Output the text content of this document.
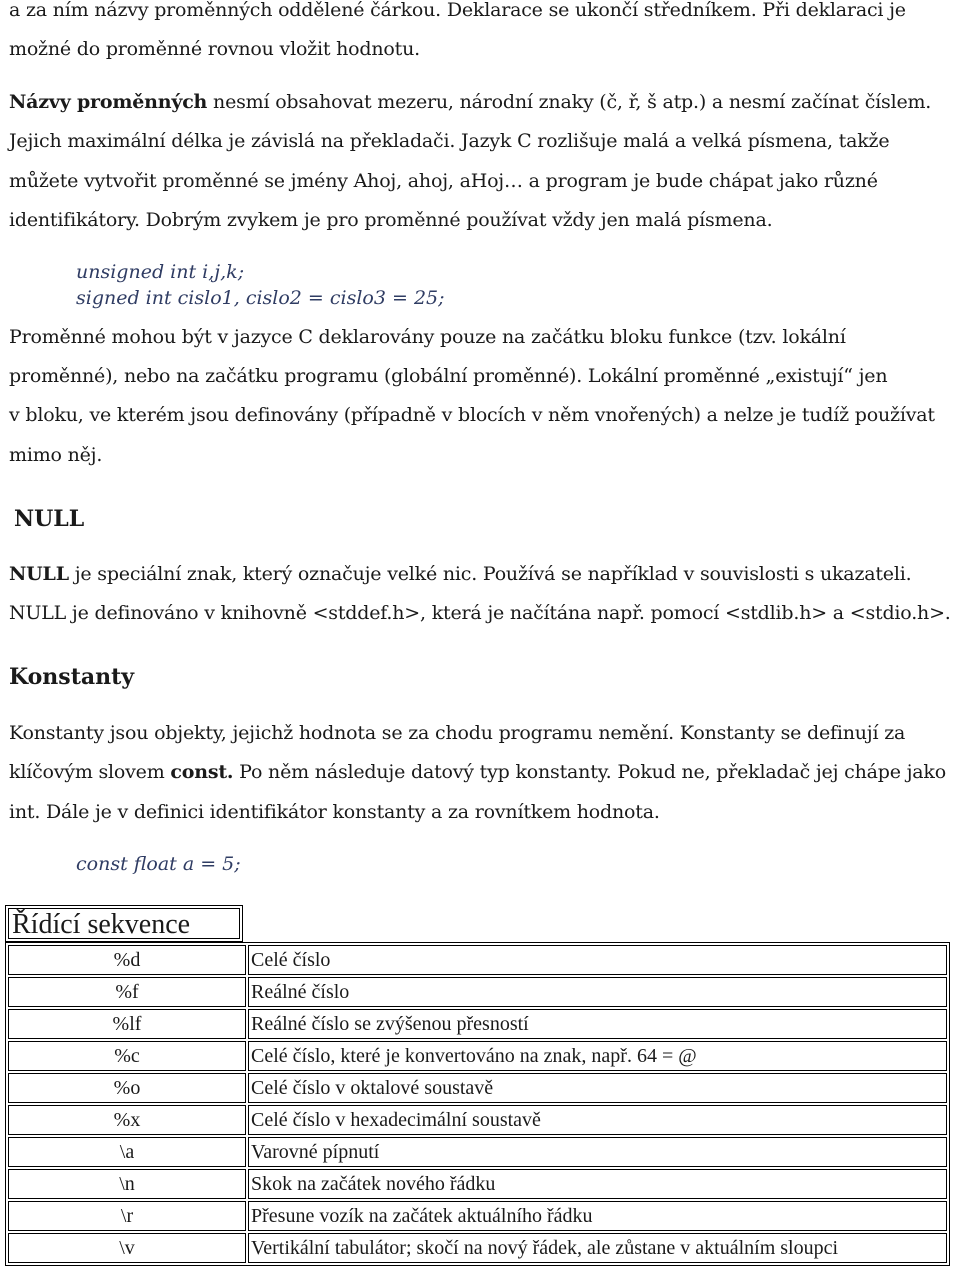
a za ním názvy proměnných oddělené čárkou. Deklarace se ukončí středníkem. Při deklaraci je

možné do proměnné rovnou vložit hodnotu.

Názvy proměnných nesmí obsahovat mezeru, národní znaky (č, ř, š atp.) a nesmí začínat číslem.

Jejich maximální délka je závislá na překladači. Jazyk C rozlišuje malá a velká písmena, takže

můžete vytvořit proměnné se jmény Ahoj, ahoj, aHoj… a program je bude chápat jako různé

identifikátory. Dobrým zvykem je pro proměnné používat vždy jen malá písmena.

unsigned int i,j,k;

signed int cislo1, cislo2 = cislo3 = 25;

Proměnné mohou být v jazyce C deklarovány pouze na začátku bloku funkce (tzv. lokální

proměnné), nebo na začátku programu (globální proměnné). Lokální proměnné „existují“ jen

v bloku, ve kterém jsou definovány (případně v blocích v něm vnořených) a nelze je tudíž používat

mimo něj.

NULL

NULL je speciální znak, který označuje velké nic. Používá se například v souvislosti s ukazateli.

NULL je definováno v knihovně <stddef.h>, která je načítána např. pomocí <stdlib.h> a <stdio.h>.

Konstanty

Konstanty jsou objekty, jejichž hodnota se za chodu programu nemění. Konstanty se definují za

klíčovým slovem const. Po něm následuje datový typ konstanty. Pokud ne, překladač jej chápe jako

int. Dále je v definici identifikátor konstanty a za rovnítkem hodnota.

const float a = 5;

Řídící sekvence
%d	Celé číslo
%f	Reálné číslo
%lf	Reálné číslo se zvýšenou přesností
%c	Celé číslo, které je konvertováno na znak, např. 64 = @
%o	Celé číslo v oktalové soustavě
%x	Celé číslo v hexadecimální soustavě
\a	Varovné pípnutí
\n	Skok na začátek nového řádku
\r	Přesune vozík na začátek aktuálního řádku
\v	Vertikální tabulátor; skočí na nový řádek, ale zůstane v aktuálním sloupci
